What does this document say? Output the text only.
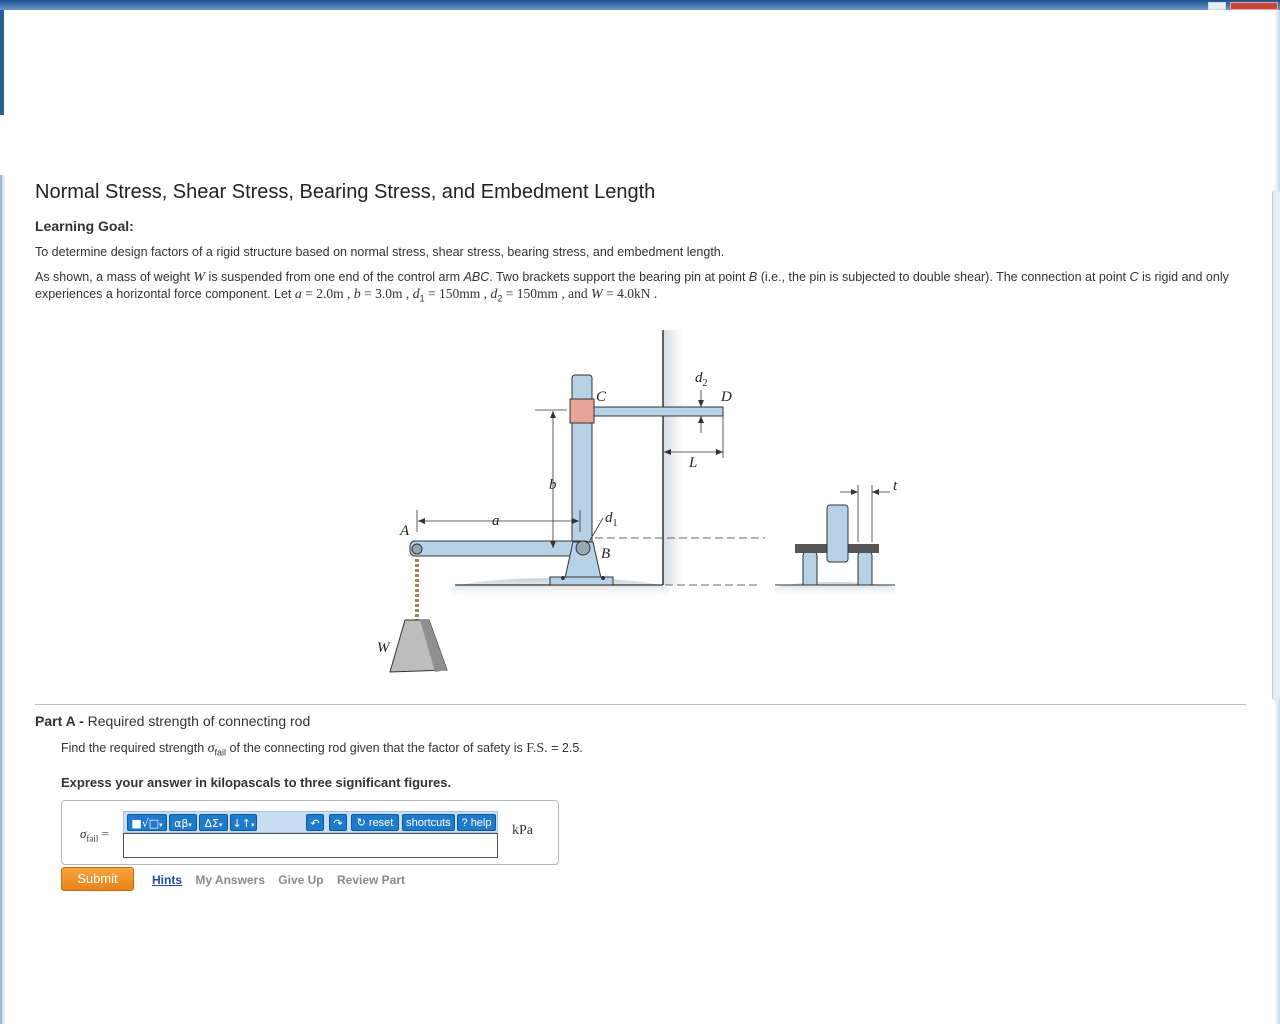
Normal Stress, Shear Stress, Bearing Stress, and Embedment Length
Learning Goal:
To determine design factors of a rigid structure based on normal stress, shear stress, bearing stress, and embedment length.
As shown, a mass of weight W is suspended from one end of the control arm ABC. Two brackets support the bearing pin at point B (i.e., the pin is subjected to double shear). The connection at point C is rigid and only experiences a horizontal force component. Let a = 2.0m , b = 3.0m , $d_1 = 150mm$ , $d_2 = 150mm$ , and W = 4.0kN .
A
B
C	D
W
a
b
$d_1$
$d_2$
L
t
Part A - Required strength of connecting rod
Find the required strength $\sigma_{fail}$ of the connecting rod given that the factor of safety is F.S. = 2.5.
Express your answer in kilopascals to three significant figures.
$\sigma_{fail}$ =
■√□▾	αβ▾	ΔΣ▾ ↓↑▾	↶	↷	↻ reset	shortcuts ? help	kPa
Submit	Hints My Answers Give Up Review Part
